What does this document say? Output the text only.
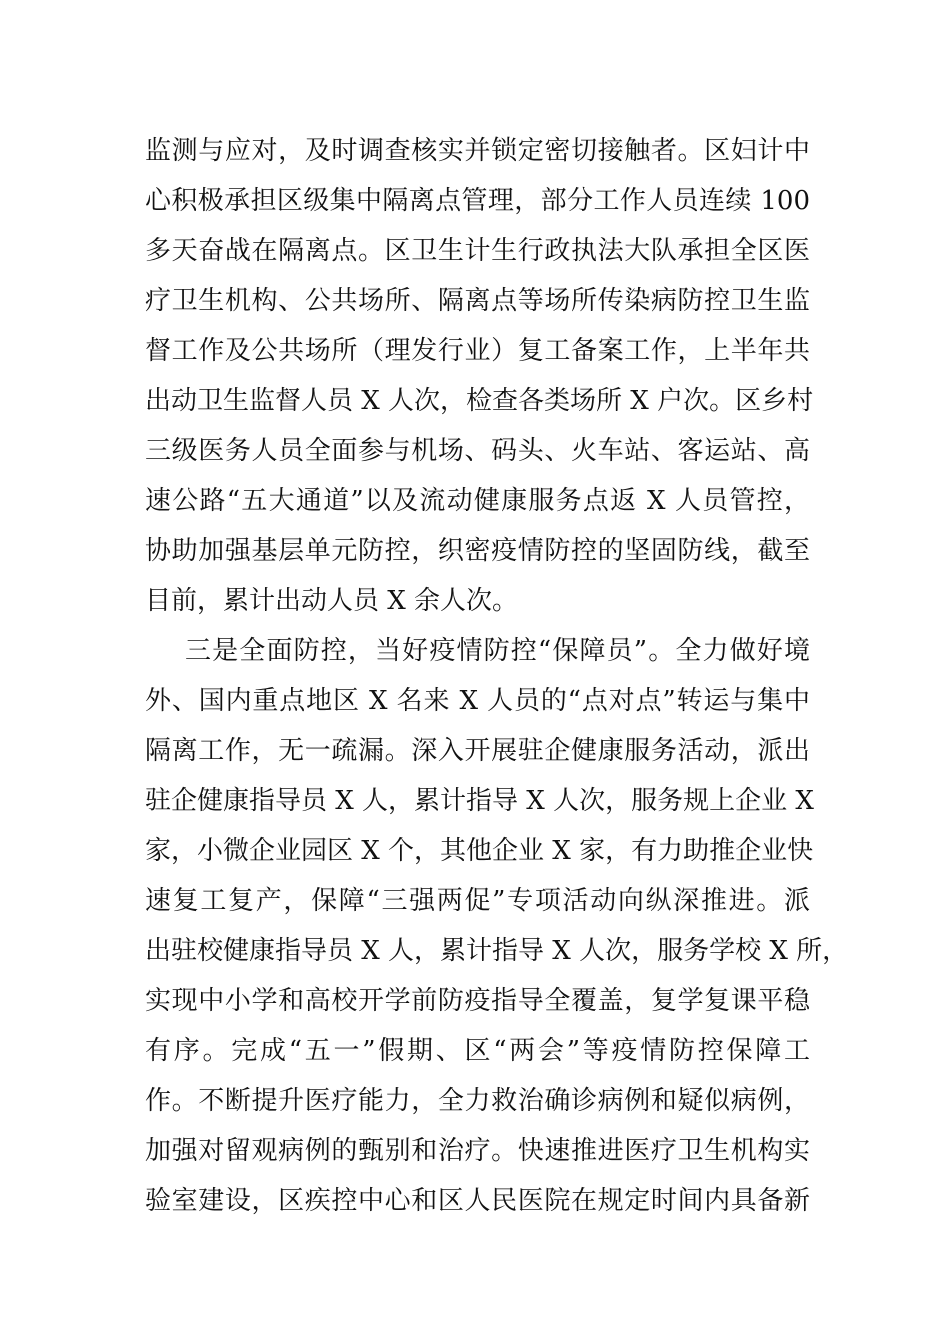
监测与应对，及时调查核实并锁定密切接触者。区妇计中
心积极承担区级集中隔离点管理，部分工作人员连续 100
多天奋战在隔离点。区卫生计生行政执法大队承担全区医
疗卫生机构、公共场所、隔离点等场所传染病防控卫生监
督工作及公共场所（理发行业）复工备案工作，上半年共
出动卫生监督人员 X 人次，检查各类场所 X 户次。区乡村
三级医务人员全面参与机场、码头、火车站、客运站、高
速公路“五大通道”以及流动健康服务点返 X 人员管控，
协助加强基层单元防控，织密疫情防控的坚固防线，截至
目前，累计出动人员 X 余人次。
三是全面防控，当好疫情防控“保障员”。全力做好境
外、国内重点地区 X 名来 X 人员的“点对点”转运与集中
隔离工作，无一疏漏。深入开展驻企健康服务活动，派出
驻企健康指导员 X 人，累计指导 X 人次，服务规上企业 X
家，小微企业园区 X 个，其他企业 X 家，有力助推企业快
速复工复产，保障“三强两促”专项活动向纵深推进。派
出驻校健康指导员 X 人，累计指导 X 人次，服务学校 X 所，
实现中小学和高校开学前防疫指导全覆盖，复学复课平稳
有序。完成“五一”假期、区“两会”等疫情防控保障工
作。不断提升医疗能力，全力救治确诊病例和疑似病例，
加强对留观病例的甄别和治疗。快速推进医疗卫生机构实
验室建设，区疾控中心和区人民医院在规定时间内具备新
